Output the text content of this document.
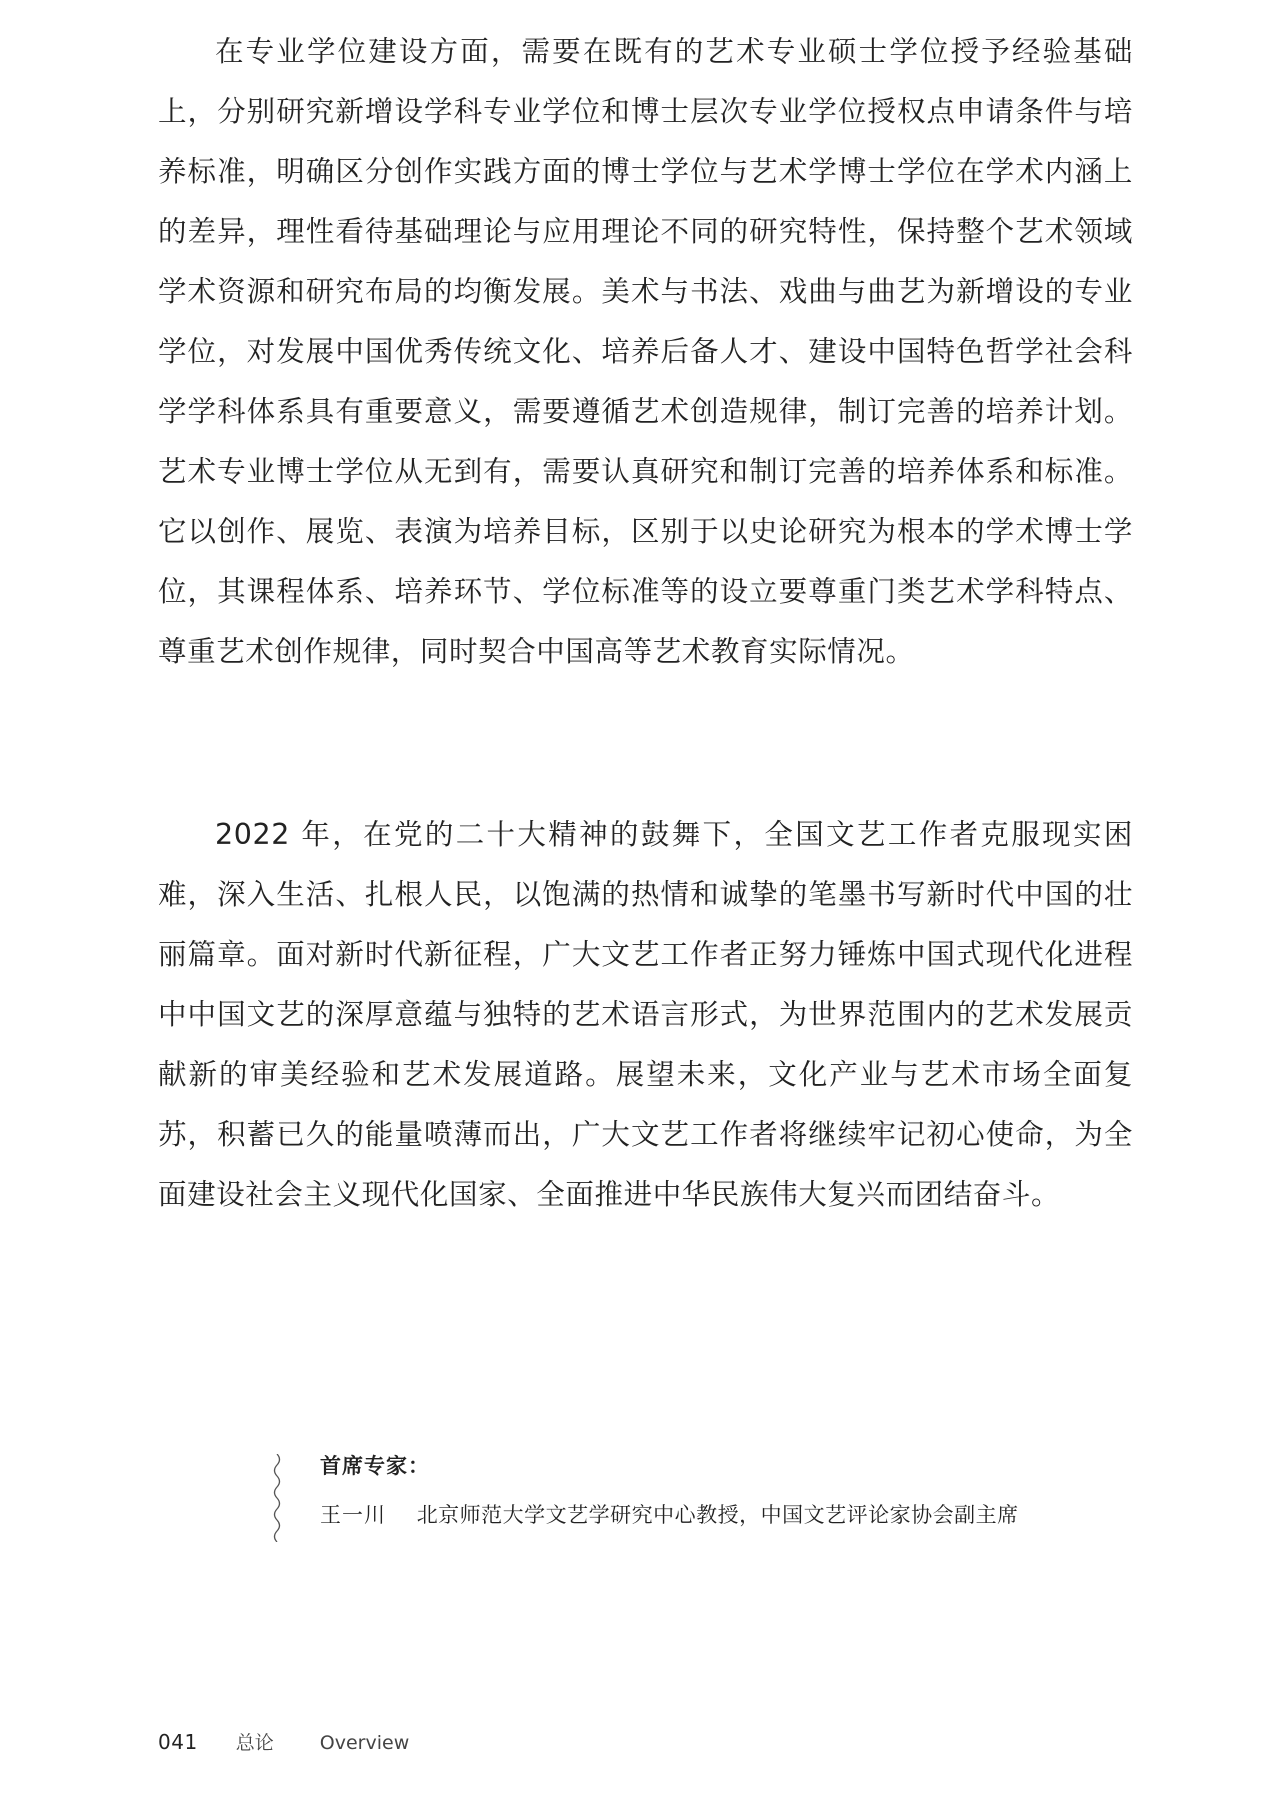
在专业学位建设方面，需要在既有的艺术专业硕士学位授予经验基础上，分别研究新增设学科专业学位和博士层次专业学位授权点申请条件与培养标准，明确区分创作实践方面的博士学位与艺术学博士学位在学术内涵上的差异，理性看待基础理论与应用理论不同的研究特性，保持整个艺术领域学术资源和研究布局的均衡发展。美术与书法、戏曲与曲艺为新增设的专业学位，对发展中国优秀传统文化、培养后备人才、建设中国特色哲学社会科学学科体系具有重要意义，需要遵循艺术创造规律，制订完善的培养计划。艺术专业博士学位从无到有，需要认真研究和制订完善的培养体系和标准。它以创作、展览、表演为培养目标，区别于以史论研究为根本的学术博士学位，其课程体系、培养环节、学位标准等的设立要尊重门类艺术学科特点、尊重艺术创作规律，同时契合中国高等艺术教育实际情况。

2022 年，在党的二十大精神的鼓舞下，全国文艺工作者克服现实困难，深入生活、扎根人民，以饱满的热情和诚挚的笔墨书写新时代中国的壮丽篇章。面对新时代新征程，广大文艺工作者正努力锤炼中国式现代化进程中中国文艺的深厚意蕴与独特的艺术语言形式，为世界范围内的艺术发展贡献新的审美经验和艺术发展道路。展望未来，文化产业与艺术市场全面复苏，积蓄已久的能量喷薄而出，广大文艺工作者将继续牢记初心使命，为全面建设社会主义现代化国家、全面推进中华民族伟大复兴而团结奋斗。

首席专家：
王一川 北京师范大学文艺学研究中心教授，中国文艺评论家协会副主席
041 总论 Overview
